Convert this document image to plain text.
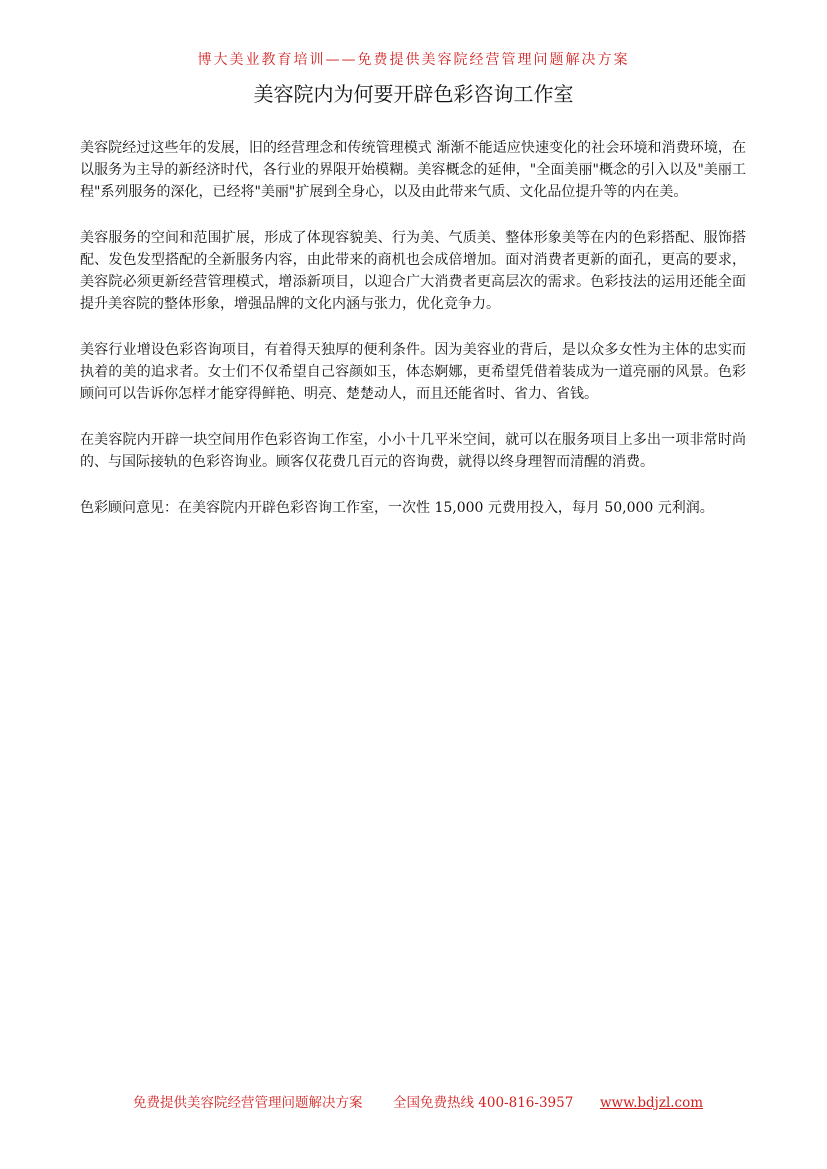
博大美业教育培训——免费提供美容院经营管理问题解决方案
美容院内为何要开辟色彩咨询工作室

美容院经过这些年的发展，旧的经营理念和传统管理模式 渐渐不能适应快速变化的社会环境和消费环境，在以服务为主导的新经济时代，各行业的界限开始模糊。美容概念的延伸，"全面美丽"概念的引入以及"美丽工程"系列服务的深化，已经将"美丽"扩展到全身心，以及由此带来气质、文化品位提升等的内在美。

美容服务的空间和范围扩展，形成了体现容貌美、行为美、气质美、整体形象美等在内的色彩搭配、服饰搭配、发色发型搭配的全新服务内容，由此带来的商机也会成倍增加。面对消费者更新的面孔，更高的要求，美容院必须更新经营管理模式，增添新项目，以迎合广大消费者更高层次的需求。色彩技法的运用还能全面提升美容院的整体形象，增强品牌的文化内涵与张力，优化竞争力。

美容行业增设色彩咨询项目，有着得天独厚的便利条件。因为美容业的背后，是以众多女性为主体的忠实而执着的美的追求者。女士们不仅希望自己容颜如玉，体态婀娜，更希望凭借着装成为一道亮丽的风景。色彩顾问可以告诉你怎样才能穿得鲜艳、明亮、楚楚动人，而且还能省时、省力、省钱。

在美容院内开辟一块空间用作色彩咨询工作室，小小十几平米空间，就可以在服务项目上多出一项非常时尚的、与国际接轨的色彩咨询业。顾客仅花费几百元的咨询费，就得以终身理智而清醒的消费。

色彩顾问意见：在美容院内开辟色彩咨询工作室，一次性 15,000 元费用投入，每月 50,000 元利润。

免费提供美容院经营管理问题解决方案 全国免费热线 400-816-3957 www.bdjzl.com
